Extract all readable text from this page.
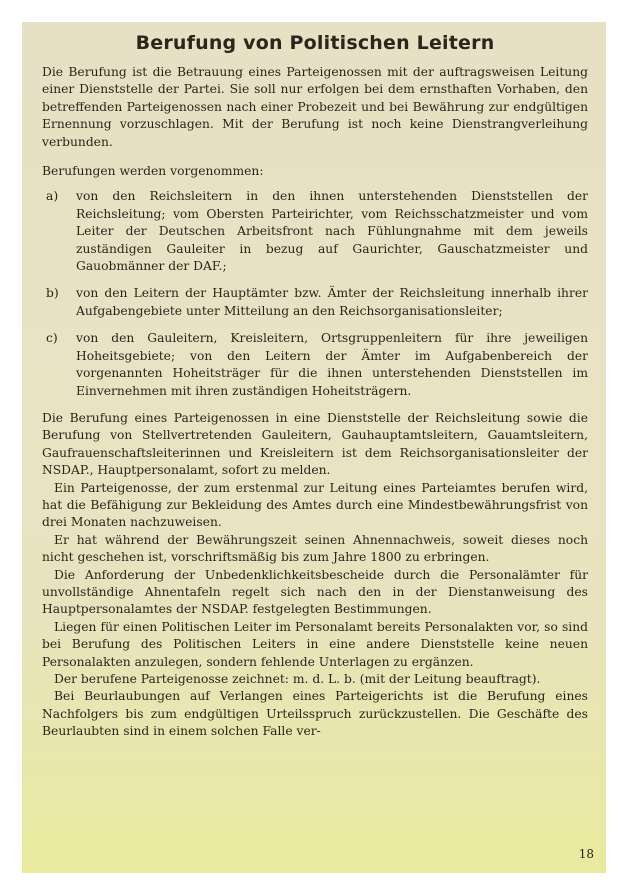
Berufung von Politischen Leitern

Die Berufung ist die Betrauung eines Parteigenossen mit der auftragsweisen Leitung einer Dienststelle der Partei. Sie soll nur erfolgen bei dem ernsthaften Vorhaben, den betreffenden Parteigenossen nach einer Probezeit und bei Bewährung zur endgültigen Ernennung vorzuschlagen. Mit der Berufung ist noch keine Dienstrangverleihung verbunden.

Berufungen werden vorgenommen:

a)	von den Reichsleitern in den ihnen unterstehenden Dienststellen der Reichsleitung; vom Obersten Parteirichter, vom Reichsschatzmeister und vom Leiter der Deutschen Arbeitsfront nach Fühlungnahme mit dem jeweils zuständigen Gauleiter in bezug auf Gaurichter, Gauschatzmeister und Gauobmänner der DAF.;

b)	von den Leitern der Hauptämter bzw. Ämter der Reichsleitung innerhalb ihrer Aufgabengebiete unter Mitteilung an den Reichsorganisationsleiter;

c)	von den Gauleitern, Kreisleitern, Ortsgruppenleitern für ihre jeweiligen Hoheitsgebiete; von den Leitern der Ämter im Aufgabenbereich der vorgenannten Hoheitsträger für die ihnen unterstehenden Dienststellen im Einvernehmen mit ihren zuständigen Hoheitsträgern.

Die Berufung eines Parteigenossen in eine Dienststelle der Reichsleitung sowie die Berufung von Stellvertretenden Gauleitern, Gauhauptamtsleitern, Gauamtsleitern, Gaufrauenschaftsleiterinnen und Kreisleitern ist dem Reichsorganisationsleiter der NSDAP., Hauptpersonalamt, sofort zu melden.

Ein Parteigenosse, der zum erstenmal zur Leitung eines Parteiamtes berufen wird, hat die Befähigung zur Bekleidung des Amtes durch eine Mindestbewährungsfrist von drei Monaten nachzuweisen.

Er hat während der Bewährungszeit seinen Ahnennachweis, soweit dieses noch nicht geschehen ist, vorschriftsmäßig bis zum Jahre 1800 zu erbringen.

Die Anforderung der Unbedenklichkeitsbescheide durch die Personalämter für unvollständige Ahnentafeln regelt sich nach den in der Dienstanweisung des Hauptpersonalamtes der NSDAP. festgelegten Bestimmungen.

Liegen für einen Politischen Leiter im Personalamt bereits Personalakten vor, so sind bei Berufung des Politischen Leiters in eine andere Dienststelle keine neuen Personalakten anzulegen, sondern fehlende Unterlagen zu ergänzen.

Der berufene Parteigenosse zeichnet: m. d. L. b. (mit der Leitung beauftragt).

Bei Beurlaubungen auf Verlangen eines Parteigerichts ist die Berufung eines Nachfolgers bis zum endgültigen Urteilsspruch zurückzustellen. Die Geschäfte des Beurlaubten sind in einem solchen Falle ver-

18
